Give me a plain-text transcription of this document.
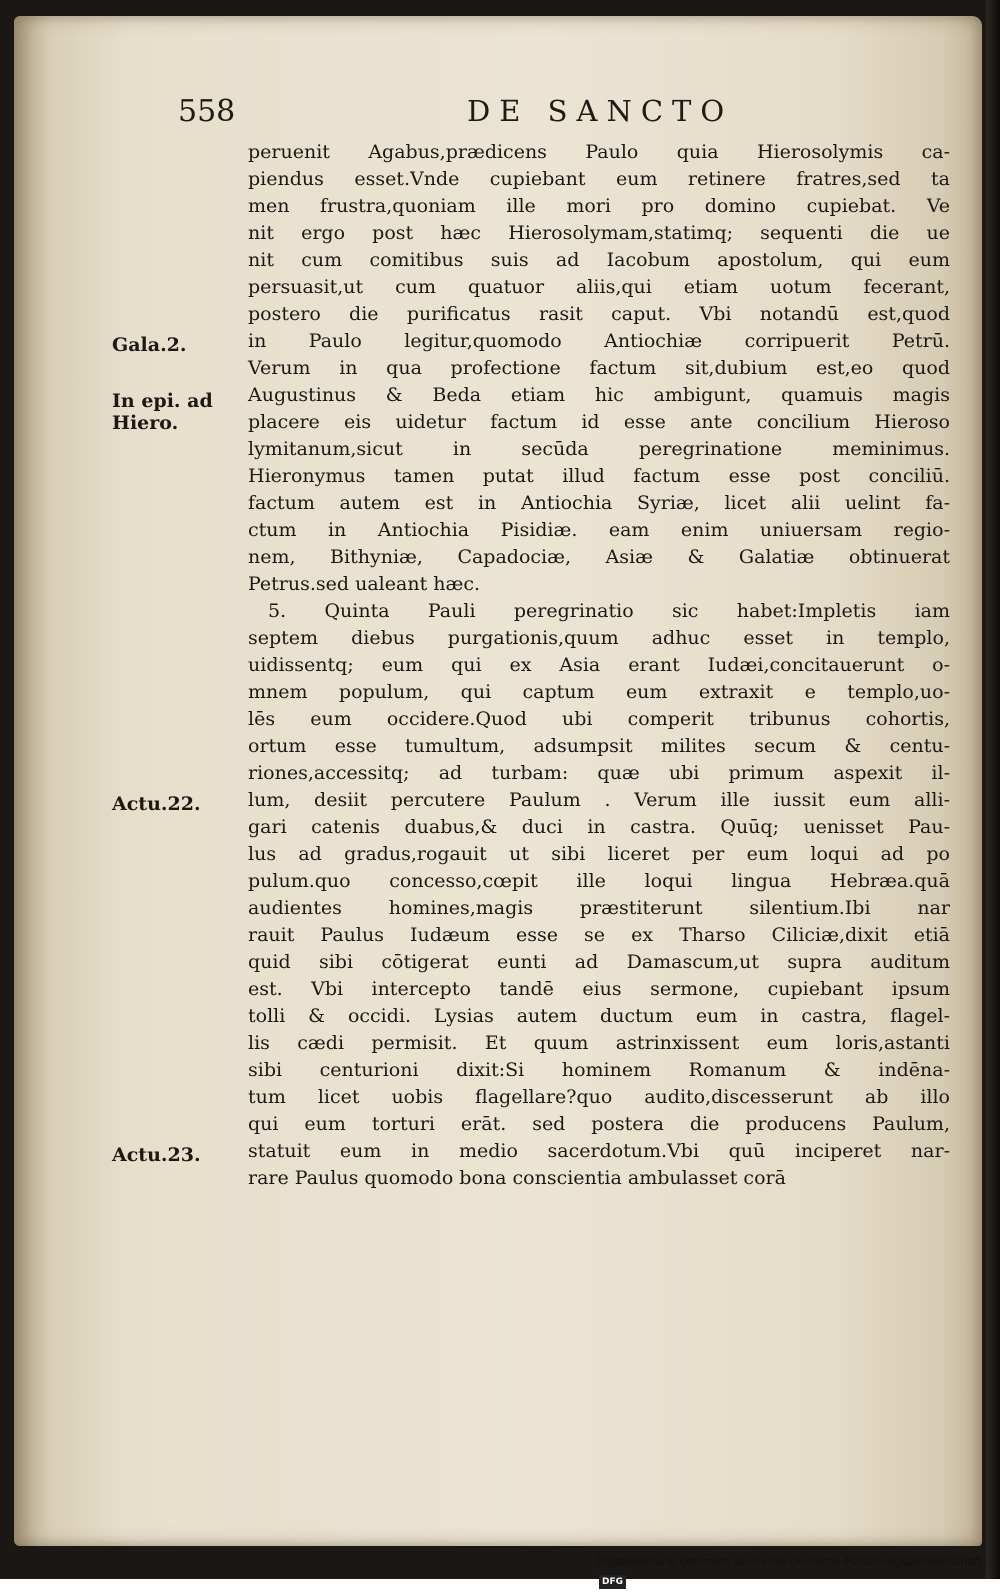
558	DE SANCTO
peruenit Agabus,prædicens Paulo quia Hierosolymis ca-
piendus esset.Vnde cupiebant eum retinere fratres,sed ta
men frustra,quoniam ille mori pro domino cupiebat. Ve
nit ergo post hæc Hierosolymam,statimq; sequenti die ue
nit cum comitibus suis ad Iacobum apostolum, qui eum
persuasit,ut cum quatuor aliis,qui etiam uotum fecerant,
postero die purificatus rasit caput. Vbi notandū est,quod
in Paulo legitur,quomodo Antiochiæ corripuerit Petrū.
Verum in qua profectione factum sit,dubium est,eo quod
Augustinus & Beda etiam hic ambigunt, quamuis magis
placere eis uidetur factum id esse ante concilium Hieroso
lymitanum,sicut in secūda peregrinatione meminimus.
Hieronymus tamen putat illud factum esse post conciliū.
factum autem est in Antiochia Syriæ, licet alii uelint fa-
ctum in Antiochia Pisidiæ. eam enim uniuersam regio-
nem, Bithyniæ, Capadociæ, Asiæ & Galatiæ obtinuerat
Petrus.sed ualeant hæc.
5. Quinta Pauli peregrinatio sic habet:Impletis iam
septem diebus purgationis,quum adhuc esset in templo,
uidissentq; eum qui ex Asia erant Iudæi,concitauerunt o-
mnem populum, qui captum eum extraxit e templo,uo-
lēs eum occidere.Quod ubi comperit tribunus cohortis,
ortum esse tumultum, adsumpsit milites secum & centu-
riones,accessitq; ad turbam: quæ ubi primum aspexit il-
lum, desiit percutere Paulum . Verum ille iussit eum alli-
gari catenis duabus,& duci in castra. Quūq; uenisset Pau-
lus ad gradus,rogauit ut sibi liceret per eum loqui ad po
pulum.quo concesso,cœpit ille loqui lingua Hebræa.quā
audientes homines,magis præstiterunt silentium.Ibi nar
rauit Paulus Iudæum esse se ex Tharso Ciliciæ,dixit etiā
quid sibi cōtigerat eunti ad Damascum,ut supra auditum
est. Vbi intercepto tandē eius sermone, cupiebant ipsum
tolli & occidi. Lysias autem ductum eum in castra, flagel-
lis cædi permisit. Et quum astrinxissent eum loris,astanti
sibi centurioni dixit:Si hominem Romanum & indēna-
tum licet uobis flagellare?quo audito,discesserunt ab illo
qui eum torturi erāt. sed postera die producens Paulum,
statuit eum in medio sacerdotum.Vbi quū inciperet nar-
rare Paulus quomodo bona conscientia ambulasset corā
Gala.2.
In epi. ad Hiero.
Actu.22.
Actu.23.
Digitalisierung gefördert durch die Deutsche Forschungsgemeinschaft · DFG
